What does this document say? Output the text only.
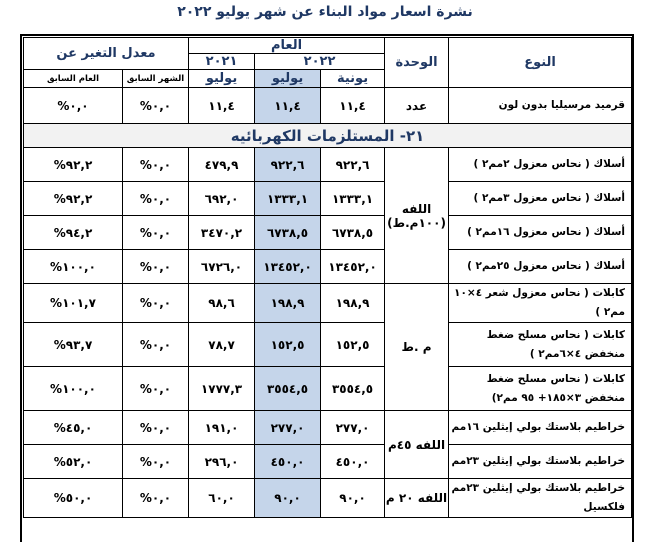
نشرة اسعار مواد البناء عن شهر يوليو ٢٠٢٢
النوع	الوحدة	العام			معدل التغير عن	
		٢٠٢٢		٢٠٢١		
		يونية	يوليو	يوليو	الشهر السابق	العام السابق
قرميد مرسيليا بدون لون	عدد	١١,٤	١١,٤	١١,٤	%٠,٠	%٠,٠
٢١- المستلزمات الكهربائيه						
أسلاك ( نحاس معزول ٢مم٢ )	اللفه (١٠٠م.ط)	٩٢٢,٦	٩٢٢,٦	٤٧٩,٩	%٠,٠	%٩٢,٢
أسلاك ( نحاس معزول ٣مم٢ )		١٣٣٣,١	١٣٣٣,١	٦٩٢,٠	%٠,٠	%٩٢,٢
أسلاك ( نحاس معزول ١٦مم٢ )		٦٧٣٨,٥	٦٧٣٨,٥	٣٤٧٠,٢	%٠,٠	%٩٤,٢
أسلاك ( نحاس معزول ٢٥مم٢ )		١٣٤٥٢,٠	١٣٤٥٢,٠	٦٧٢٦,٠	%٠,٠	%١٠٠,٠
كابلات ( نحاس معزول شعر ٤×١٠ مم٢ )	م .ط	١٩٨,٩	١٩٨,٩	٩٨,٦	%٠,٠	%١٠١,٧
كابلات ( نحاس مسلح ضغط منخفض ٤×٦مم٢ )		١٥٢,٥	١٥٢,٥	٧٨,٧	%٠,٠	%٩٣,٧
كابلات ( نحاس مسلح ضغط منخفض ٣×١٨٥+ ٩٥ مم٢)		٣٥٥٤,٥	٣٥٥٤,٥	١٧٧٧,٣	%٠,٠	%١٠٠,٠
خراطيم بلاستك بولي إيثلين ١٦مم	اللفه ٤٥م	٢٧٧,٠	٢٧٧,٠	١٩١,٠	%٠,٠	%٤٥,٠
خراطيم بلاستك بولي إيثلين ٢٣مم		٤٥٠,٠	٤٥٠,٠	٢٩٦,٠	%٠,٠	%٥٢,٠
خراطيم بلاستك بولي إيثلين ٢٣مم فلكسيل	اللفه ٢٠ م	٩٠,٠	٩٠,٠	٦٠,٠	%٠,٠	%٥٠,٠
